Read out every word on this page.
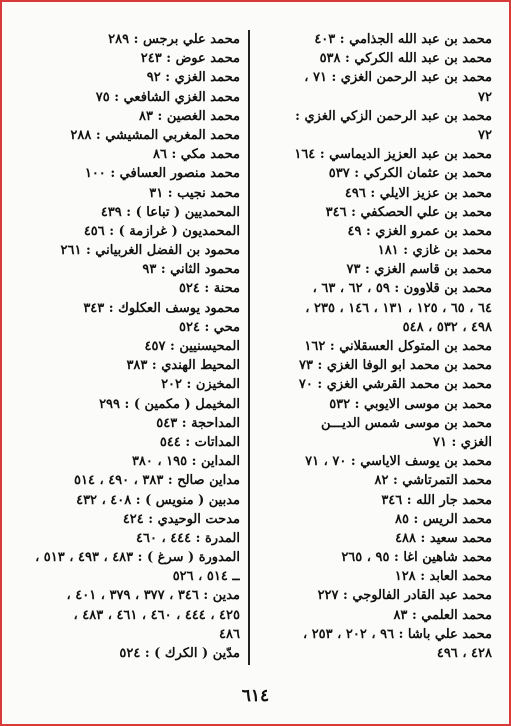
محمد بن عبد الله الجذامي : ٤٠٣
محمد بن عبد الله الكركي : ٥٣٨
محمد بن عبد الرحمن الغزي : ٧١ ،
٧٢
محمد بن عبد الرحمن الزكي الغزي :
٧٢
محمد بن عبد العزيز الديماسي : ١٦٤
محمد بن عثمان الكركي : ٥٣٧
محمد بن عزيز الايلي : ٤٩٦
محمد بن علي الحصكفي : ٣٤٦
محمد بن عمرو الغزي : ٤٩
محمد بن غازي : ١٨١
محمد بن قاسم الغزي : ٧٣
محمد بن قلاوون : ٥٩ ، ٦٢ ، ٦٣ ،
٦٤ ، ٦٥ ، ١٢٥ ، ١٣١ ، ١٤٦ ، ٢٣٥ ،
٤٩٨ ، ٥٣٢ ، ٥٤٨
محمد بن المتوكل العسقلاني : ١٦٢
محمد بن محمد ابو الوفا الغزي : ٧٣
محمد بن محمد القرشي الغزي : ٧٠
محمد بن موسى الايوبي : ٥٣٢
محمد بن موسى شمس الديـــن
الغزي : ٧١
محمد بن يوسف الاياسي : ٧٠ ، ٧١
محمد التمرتاشي : ٨٢
محمد جار الله : ٣٤٦
محمد الريس : ٨٥
محمد سعيد : ٤٨٨
محمد شاهين اغا : ٩٥ ، ٢٦٥
محمد العابد : ١٢٨
محمد عبد القادر الفالوجي : ٢٢٧
محمد العلمي : ٨٣
محمد علي باشا : ٩٦ ، ٢٠٢ ، ٢٥٣ ،
٤٢٨ ، ٤٩٦
محمد علي برجس : ٢٨٩
محمد عوض : ٢٤٣
محمد الغزي : ٩٢
محمد الغزي الشافعي : ٧٥
محمد الغصين : ٨٣
محمد المغربي المشيشي : ٢٨٨
محمد مكي : ٨٦
محمد منصور العسافي : ١٠٠
محمد نجيب : ٣١
المحمديين ( تباعا ) : ٤٣٩
المحمديون ( غرازمة ) : ٤٥٦
محمود بن الفضل الغربياني : ٢٦١
محمود الثاني : ٩٣
محنة : ٥٢٤
محمود يوسف العكلوك : ٣٤٣
محي : ٥٢٤
المحيسنيين : ٤٥٧
المحيط الهندي : ٣٨٣
المخيزن : ٢٠٢
المخيمل ( مكمين ) : ٢٩٩
المداحجة : ٥٤٣
المداتات : ٥٤٤
المداين : ١٩٥ ، ٣٨٠
مداين صالح : ٣٨٣ ، ٤٩٠ ، ٥١٤
مدبين ( منويس ) : ٤٠٨ ، ٤٣٢
مدحت الوحيدي : ٤٢٤
المدرة : ٤٤٤ ، ٤٦٠
المدورة ( سرغ ) : ٤٨٣ ، ٤٩٣ ، ٥١٣ ،
ــ ٥١٤ ، ٥٢٦
مدين : ٣٤٦ ، ٣٧٧ ، ٣٧٩ ، ٤٠١ ،
٤٢٥ ، ٤٤٤ ، ٤٦٠ ، ٤٦١ ، ٤٨٣ ،
٤٨٦
مدّين ( الكرك ) : ٥٢٤
٦١٤
